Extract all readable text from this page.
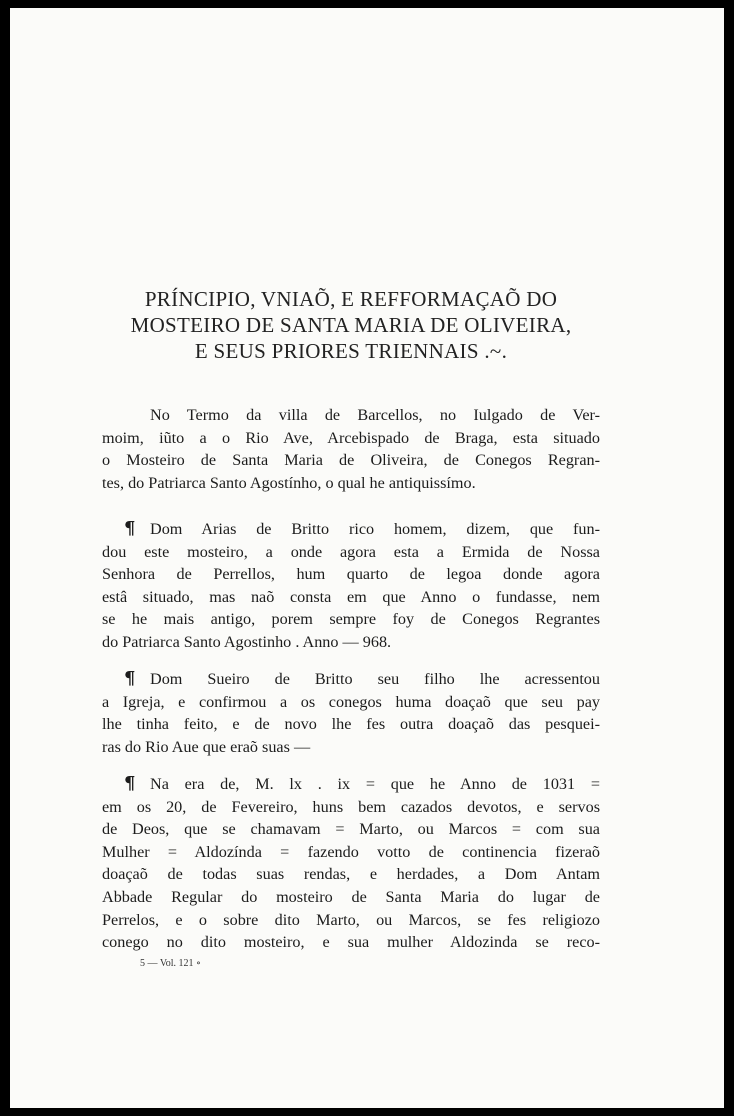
PRÍNCIPIO, VNIAÕ, E REFFORMAÇAÕ DO
MOSTEIRO DE SANTA MARIA DE OLIVEIRA,
E SEUS PRIORES TRIENNAIS .~.
No Termo da villa de Barcellos, no Iulgado de Ver-
moim, iũto a o Rio Ave, Arcebispado de Braga, esta situado
o Mosteiro de Santa Maria de Oliveira, de Conegos Regran-
tes, do Patriarca Santo Agostínho, o qual he antiquissímo.
¶ Dom Arias de Britto rico homem, dizem, que fun-
dou este mosteiro, a onde agora esta a Ermida de Nossa
Senhora de Perrellos, hum quarto de legoa donde agora
estâ situado, mas naõ consta em que Anno o fundasse, nem
se he mais antigo, porem sempre foy de Conegos Regrantes
do Patriarca Santo Agostinho . Anno — 968.
¶ Dom Sueiro de Britto seu filho lhe acressentou
a Igreja, e confirmou a os conegos huma doaçaõ que seu pay
lhe tinha feito, e de novo lhe fes outra doaçaõ das pesquei-
ras do Rio Aue que eraõ suas —
¶ Na era de, M. lx . ix = que he Anno de 1031 =
em os 20, de Fevereiro, huns bem cazados devotos, e servos
de Deos, que se chamavam = Marto, ou Marcos = com sua
Mulher = Aldozínda = fazendo votto de continencia fizeraõ
doaçaõ de todas suas rendas, e herdades, a Dom Antam
Abbade Regular do mosteiro de Santa Maria do lugar de
Perrelos, e o sobre dito Marto, ou Marcos, se fes religiozo
conego no dito mosteiro, e sua mulher Aldozinda se reco-
5 — Vol. 121 ∘
